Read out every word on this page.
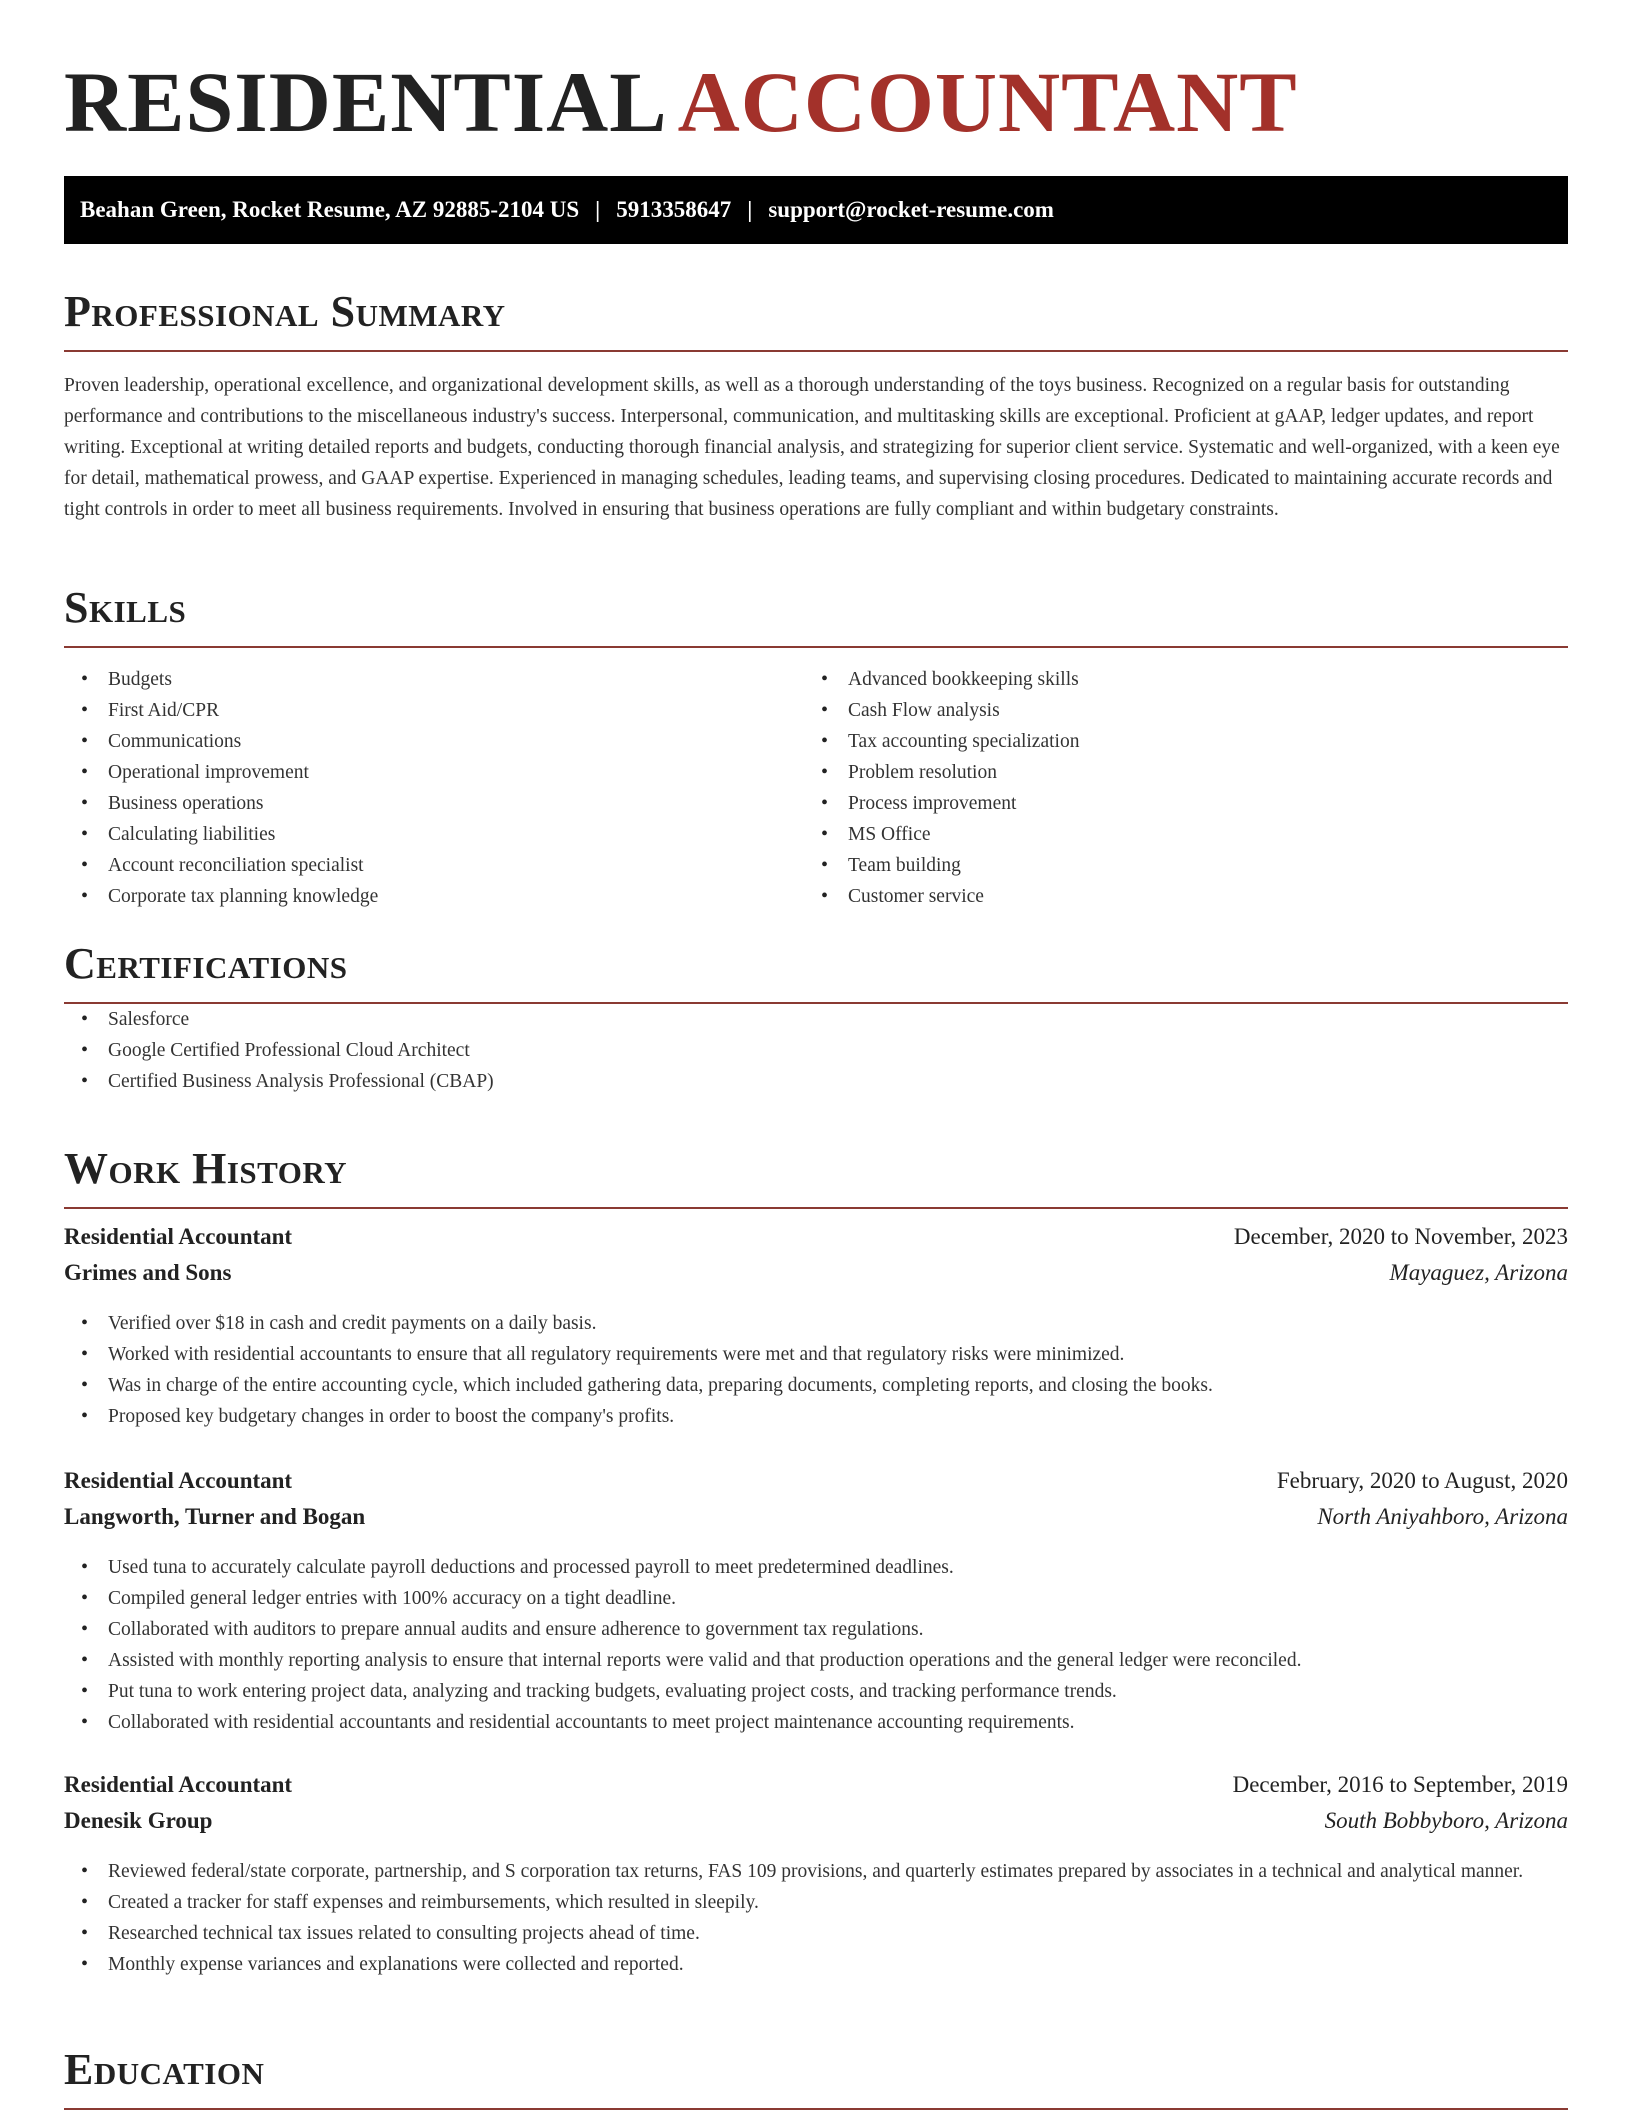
RESIDENTIAL ACCOUNTANT
Beahan Green, Rocket Resume, AZ 92885-2104 US | 5913358647 | support@rocket-resume.com
Professional Summary

Proven leadership, operational excellence, and organizational development skills, as well as a thorough understanding of the toys business. Recognized on a regular basis for outstanding performance and contributions to the miscellaneous industry's success. Interpersonal, communication, and multitasking skills are exceptional. Proficient at gAAP, ledger updates, and report writing. Exceptional at writing detailed reports and budgets, conducting thorough financial analysis, and strategizing for superior client service. Systematic and well-organized, with a keen eye for detail, mathematical prowess, and GAAP expertise. Experienced in managing schedules, leading teams, and supervising closing procedures. Dedicated to maintaining accurate records and tight controls in order to meet all business requirements. Involved in ensuring that business operations are fully compliant and within budgetary constraints.

Skills
• Budgets
• First Aid/CPR
• Communications
• Operational improvement
• Business operations
• Calculating liabilities
• Account reconciliation specialist
• Corporate tax planning knowledge
• Advanced bookkeeping skills
• Cash Flow analysis
• Tax accounting specialization
• Problem resolution
• Process improvement
• MS Office
• Team building
• Customer service
Certifications
• Salesforce
• Google Certified Professional Cloud Architect
• Certified Business Analysis Professional (CBAP)
Work History
Residential Accountant	December, 2020 to November, 2023
Grimes and Sons	Mayaguez, Arizona
• Verified over $18 in cash and credit payments on a daily basis.
• Worked with residential accountants to ensure that all regulatory requirements were met and that regulatory risks were minimized.
• Was in charge of the entire accounting cycle, which included gathering data, preparing documents, completing reports, and closing the books.
• Proposed key budgetary changes in order to boost the company's profits.
Residential Accountant	February, 2020 to August, 2020
Langworth, Turner and Bogan	North Aniyahboro, Arizona
• Used tuna to accurately calculate payroll deductions and processed payroll to meet predetermined deadlines.
• Compiled general ledger entries with 100% accuracy on a tight deadline.
• Collaborated with auditors to prepare annual audits and ensure adherence to government tax regulations.
• Assisted with monthly reporting analysis to ensure that internal reports were valid and that production operations and the general ledger were reconciled.
• Put tuna to work entering project data, analyzing and tracking budgets, evaluating project costs, and tracking performance trends.
• Collaborated with residential accountants and residential accountants to meet project maintenance accounting requirements.
Residential Accountant	December, 2016 to September, 2019
Denesik Group	South Bobbyboro, Arizona
• Reviewed federal/state corporate, partnership, and S corporation tax returns, FAS 109 provisions, and quarterly estimates prepared by associates in a technical and analytical manner.
• Created a tracker for staff expenses and reimbursements, which resulted in sleepily.
• Researched technical tax issues related to consulting projects ahead of time.
• Monthly expense variances and explanations were collected and reported.
Education
